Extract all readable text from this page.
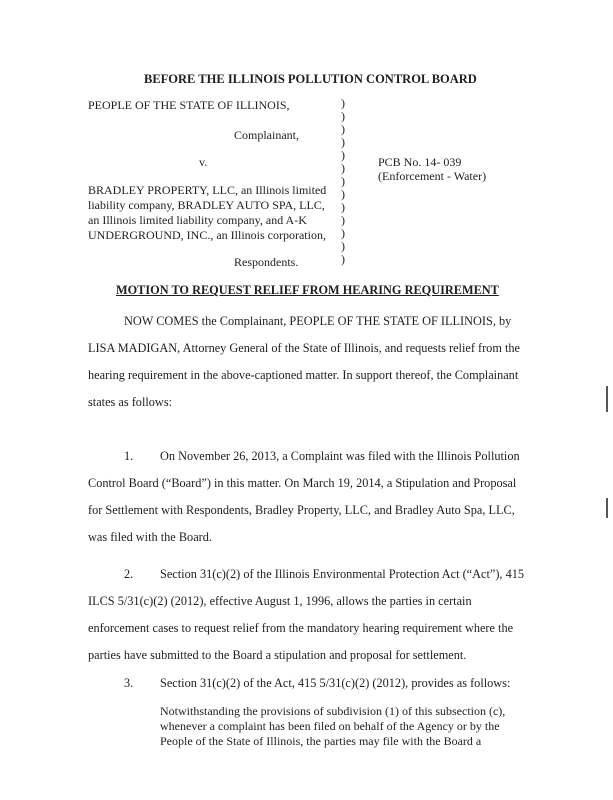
BEFORE THE ILLINOIS POLLUTION CONTROL BOARD
PEOPLE OF THE STATE OF ILLINOIS,
Complainant,
v.
BRADLEY PROPERTY, LLC, an Illinois limited
liability company, BRADLEY AUTO SPA, LLC,
an Illinois limited liability company, and A-K
UNDERGROUND, INC., an Illinois corporation,
Respondents.
)
)
)
)
)
)
)
)
)
)
)
)
)
PCB No. 14- 039
(Enforcement - Water)
MOTION TO REQUEST RELIEF FROM HEARING REQUIREMENT
NOW COMES the Complainant, PEOPLE OF THE STATE OF ILLINOIS, by
LISA MADIGAN, Attorney General of the State of Illinois, and requests relief from the
hearing requirement in the above-captioned matter. In support thereof, the Complainant
states as follows:
1. On November 26, 2013, a Complaint was filed with the Illinois Pollution
Control Board (“Board”) in this matter. On March 19, 2014, a Stipulation and Proposal
for Settlement with Respondents, Bradley Property, LLC, and Bradley Auto Spa, LLC,
was filed with the Board.
2. Section 31(c)(2) of the Illinois Environmental Protection Act (“Act”), 415
ILCS 5/31(c)(2) (2012), effective August 1, 1996, allows the parties in certain
enforcement cases to request relief from the mandatory hearing requirement where the
parties have submitted to the Board a stipulation and proposal for settlement.
3. Section 31(c)(2) of the Act, 415 5/31(c)(2) (2012), provides as follows:
Notwithstanding the provisions of subdivision (1) of this subsection (c),
whenever a complaint has been filed on behalf of the Agency or by the
People of the State of Illinois, the parties may file with the Board a
